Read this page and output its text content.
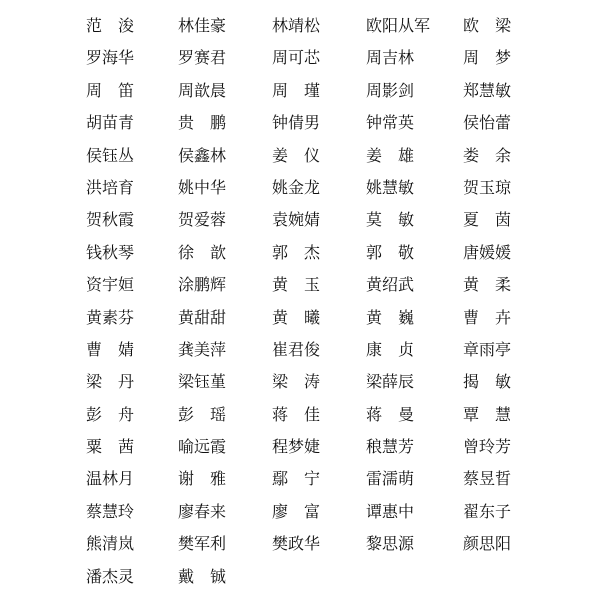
范　浚	林佳豪	林靖松	欧阳从军	欧　梁
罗海华	罗赛君	周可芯	周吉林	周　梦
周　笛	周歆晨	周　瑾	周影剑	郑慧敏
胡苗青	贵　鹏	钟倩男	钟常英	侯怡蕾
侯钰丛	侯鑫林	姜　仪	姜　雄	娄　余
洪培育	姚中华	姚金龙	姚慧敏	贺玉琼
贺秋霞	贺爱蓉	袁婉婧	莫　敏	夏　茵
钱秋琴	徐　歆	郭　杰	郭　敬	唐媛媛
资宇姮	涂鹏辉	黄　玉	黄绍武	黄　柔
黄素芬	黄甜甜	黄　曦	黄　巍	曹　卉
曹　婧	龚美萍	崔君俊	康　贞	章雨亭
梁　丹	梁钰堇	梁　涛	梁薛辰	揭　敏
彭　舟	彭　瑶	蒋　佳	蒋　曼	覃　慧
粟　茜	喻远霞	程梦婕	稂慧芳	曾玲芳
温林月	谢　雅	鄢　宁	雷濡萌	蔡昱晢
蔡慧玲	廖春来	廖　富	谭惠中	翟东子
熊清岚	樊军利	樊政华	黎思源	颜思阳
潘杰灵	戴　铖
